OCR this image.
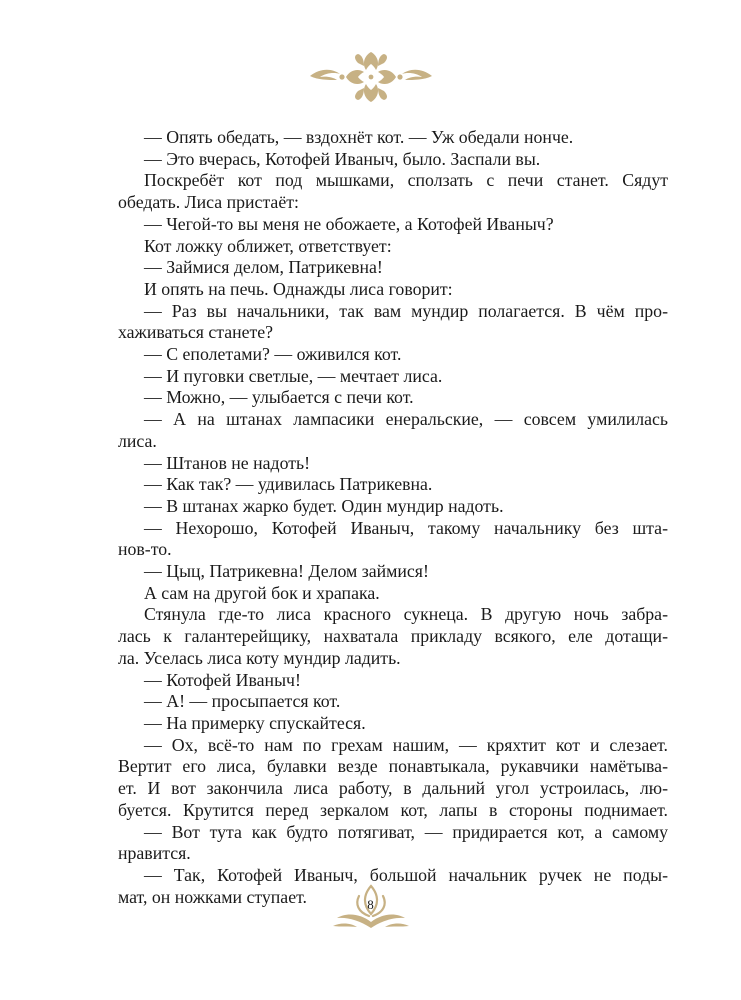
— Опять обедать, — вздохнёт кот. — Уж обедали нонче.
— Это вчерась, Котофей Иваныч, было. Заспали вы.
Поскребёт кот под мышками, сползать с печи станет. Сядут
обедать. Лиса пристаёт:
— Чегой-то вы меня не обожаете, а Котофей Иваныч?
Кот ложку оближет, ответствует:
— Займися делом, Патрикевна!
И опять на печь. Однажды лиса говорит:
— Раз вы начальники, так вам мундир полагается. В чём про-
хаживаться станете?
— С еполетами? — оживился кот.
— И пуговки светлые, — мечтает лиса.
— Можно, — улыбается с печи кот.
— А на штанах лампасики енеральские, — совсем умилилась
лиса.
— Штанов не надоть!
— Как так? — удивилась Патрикевна.
— В штанах жарко будет. Один мундир надоть.
— Нехорошо, Котофей Иваныч, такому начальнику без шта-
нов-то.
— Цыц, Патрикевна! Делом займися!
А сам на другой бок и храпака.
Стянула где-то лиса красного сукнеца. В другую ночь забра-
лась к галантерейщику, нахватала прикладу всякого, еле дотащи-
ла. Уселась лиса коту мундир ладить.
— Котофей Иваныч!
— А! — просыпается кот.
— На примерку спускайтеся.
— Ох, всё-то нам по грехам нашим, — кряхтит кот и слезает.
Вертит его лиса, булавки везде понавтыкала, рукавчики намётыва-
ет. И вот закончила лиса работу, в дальний угол устроилась, лю-
буется. Крутится перед зеркалом кот, лапы в стороны поднимает.
— Вот тута как будто потягиват, — придирается кот, а самому
нравится.
— Так, Котофей Иваныч, большой начальник ручек не поды-
мат, он ножками ступает.	8
